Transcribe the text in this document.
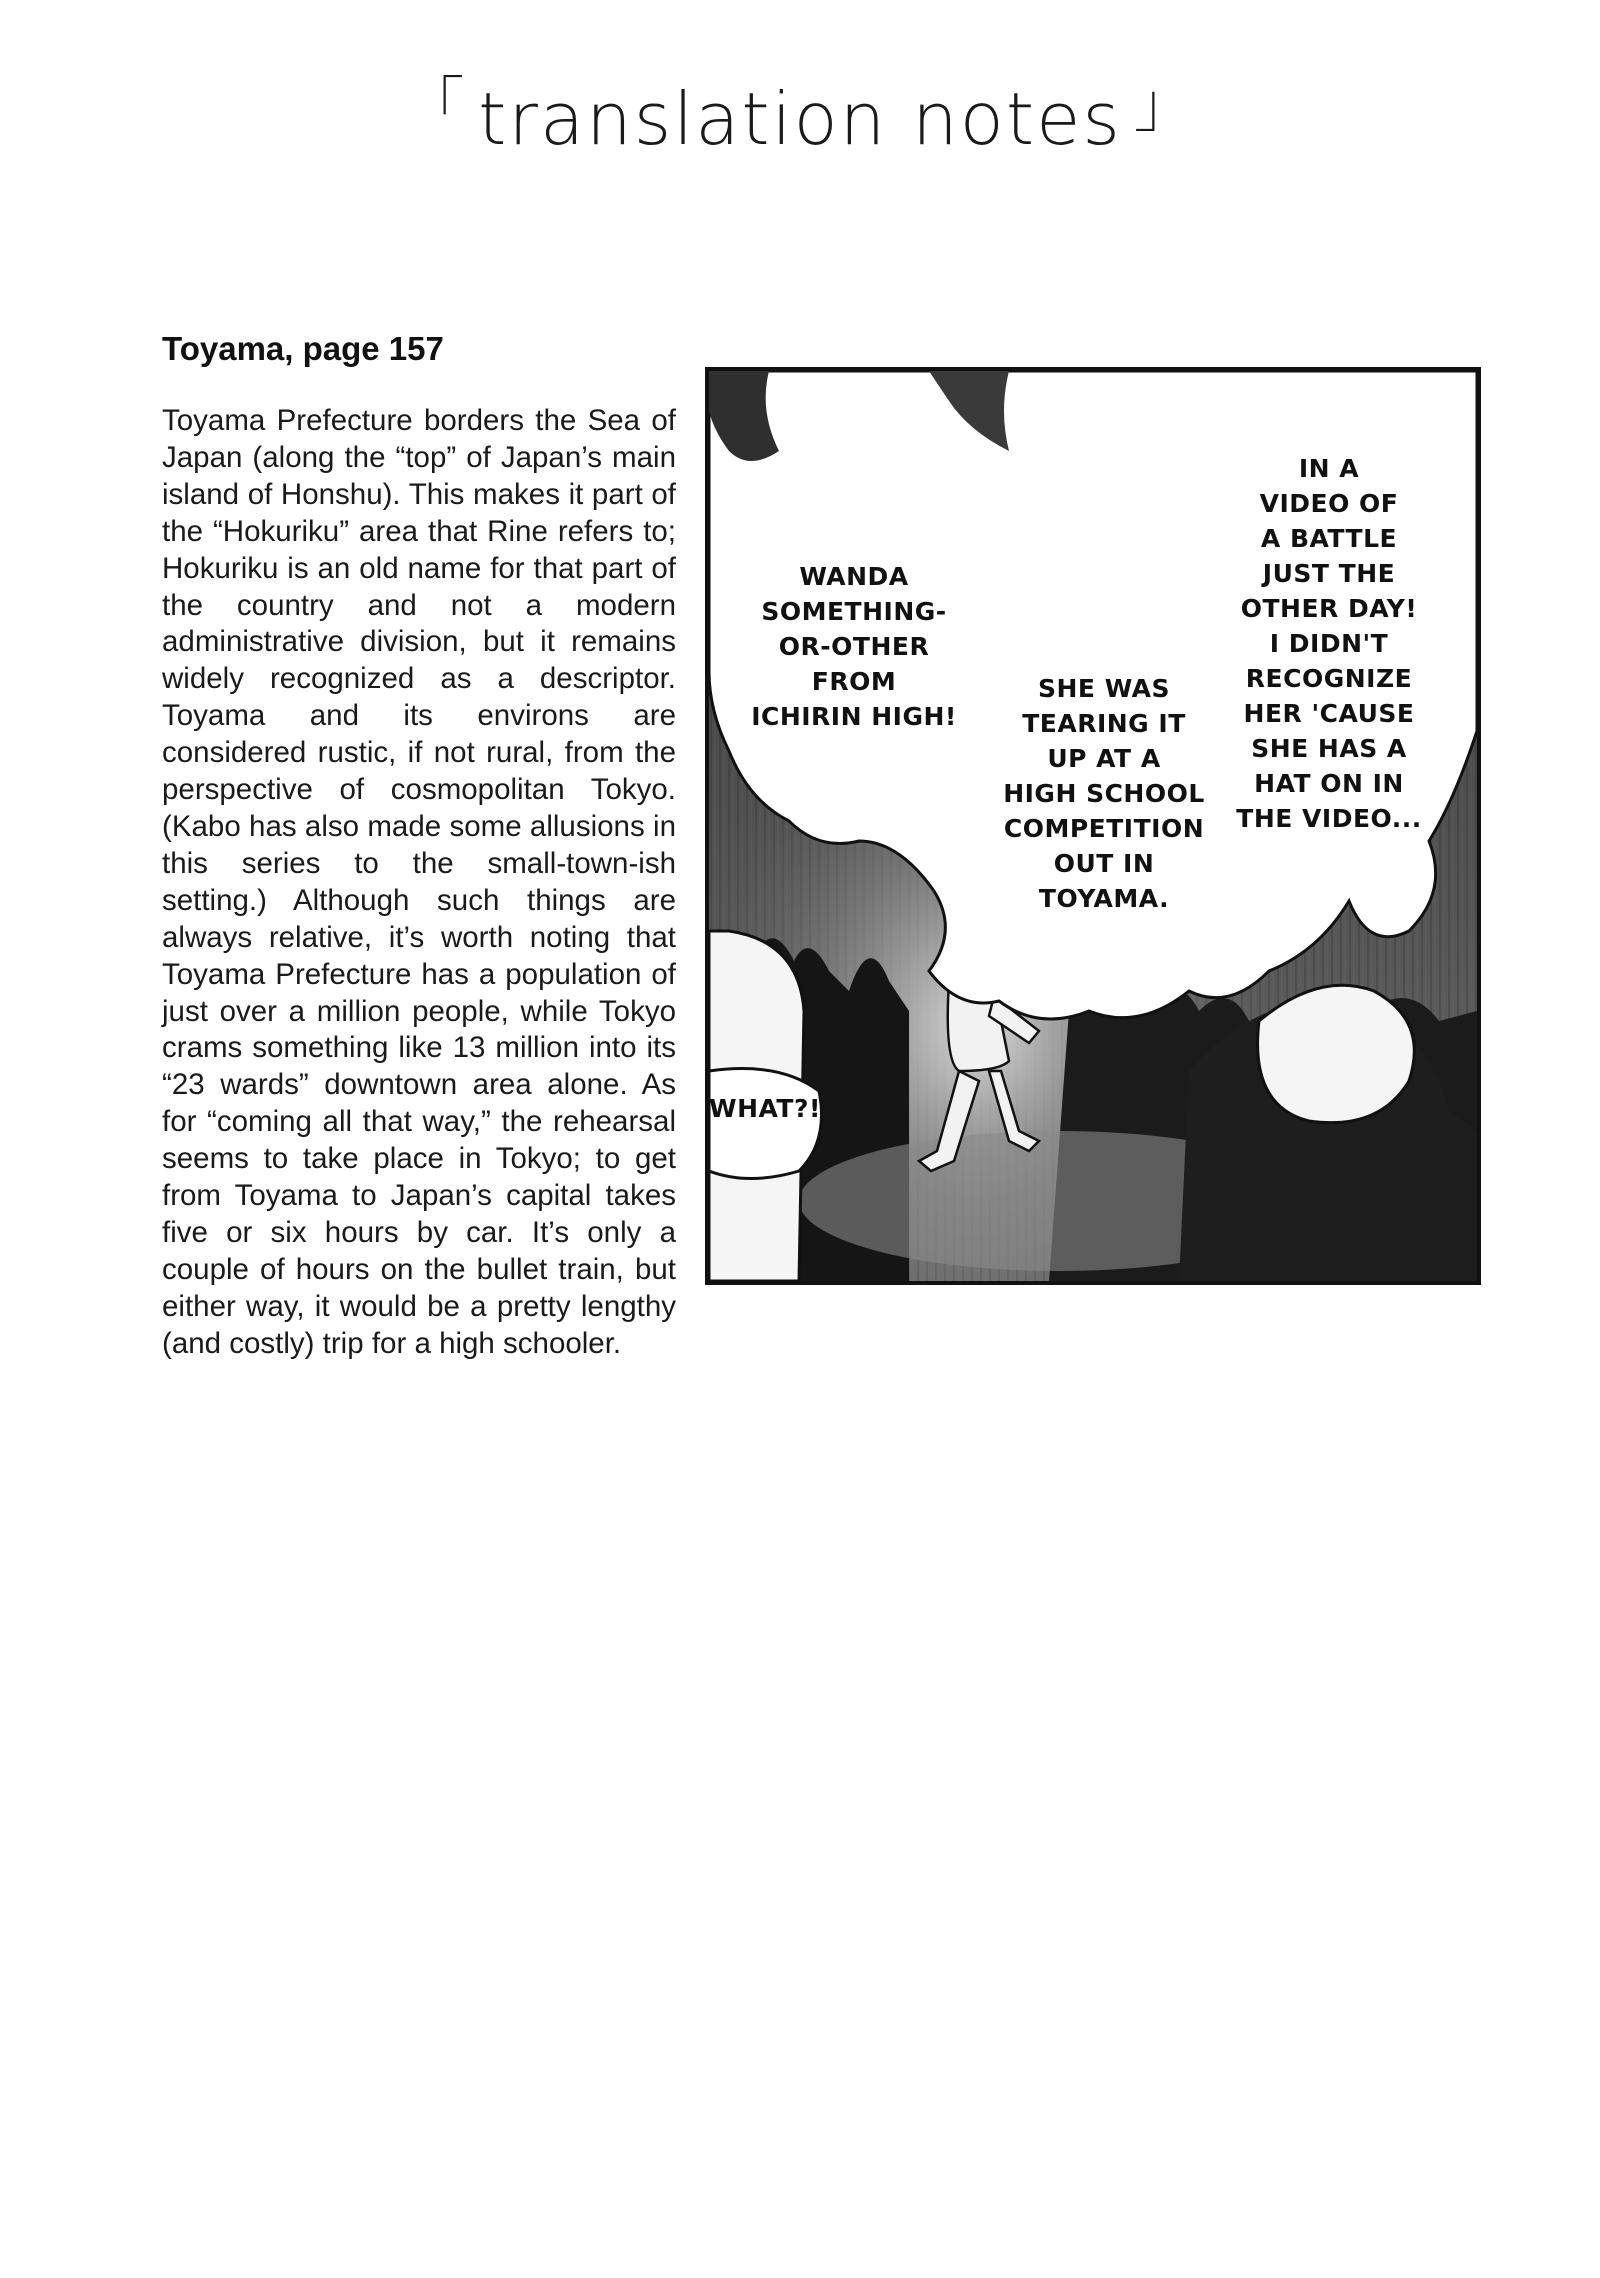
「 translation notes 」
Toyama, page 157
Toyama Prefecture borders the Sea of Japan (along the “top” of Japan’s main island of Honshu). This makes it part of the “Hokuriku” area that Rine refers to; Hokuriku is an old name for that part of the country and not a modern administrative division, but it remains widely recognized as a descriptor. Toyama and its environs are considered rustic, if not rural, from the perspective of cosmopolitan Tokyo. (Kabo has also made some allusions in this series to the small-town-ish setting.) Although such things are always relative, it’s worth noting that Toyama Prefecture has a population of just over a million people, while Tokyo crams something like 13 million into its “23 wards” downtown area alone. As for “coming all that way,” the rehearsal seems to take place in Tokyo; to get from Toyama to Japan’s capital takes five or six hours by car. It’s only a couple of hours on the bullet train, but either way, it would be a pretty lengthy (and costly) trip for a high schooler.
WANDA
SOMETHING-
OR-OTHER FROM
ICHIRIN HIGH!
SHE WAS
TEARING IT
UP AT A
HIGH SCHOOL
COMPETITION
OUT IN
TOYAMA.
IN A
VIDEO OF
A BATTLE
JUST THE
OTHER DAY!
I DIDN'T
RECOGNIZE
HER 'CAUSE
SHE HAS A
HAT ON IN
THE VIDEO...
WHAT?!
